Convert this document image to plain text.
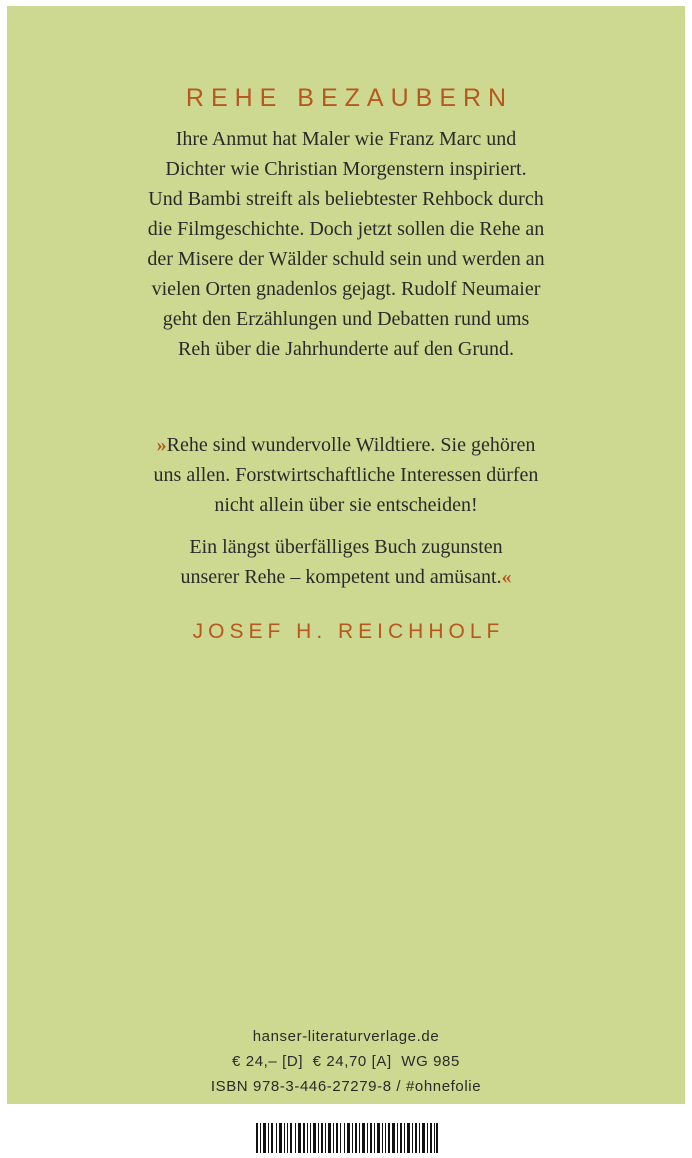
REHE BEZAUBERN
Ihre Anmut hat Maler wie Franz Marc und
Dichter wie Christian Morgenstern inspiriert.
Und Bambi streift als beliebtester Rehbock durch
die Filmgeschichte. Doch jetzt sollen die Rehe an
der Misere der Wälder schuld sein und werden an
vielen Orten gnadenlos gejagt. Rudolf Neumaier
geht den Erzählungen und Debatten rund ums
Reh über die Jahrhunderte auf den Grund.
»Rehe sind wundervolle Wildtiere. Sie gehören
uns allen. Forstwirtschaftliche Interessen dürfen
nicht allein über sie entscheiden!
Ein längst überfälliges Buch zugunsten
unserer Rehe – kompetent und amüsant.«
JOSEF H. REICHHOLF
hanser-literaturverlage.de
€ 24,– [D]  € 24,70 [A]  WG 985
ISBN 978-3-446-27279-8 / #ohnefolie
